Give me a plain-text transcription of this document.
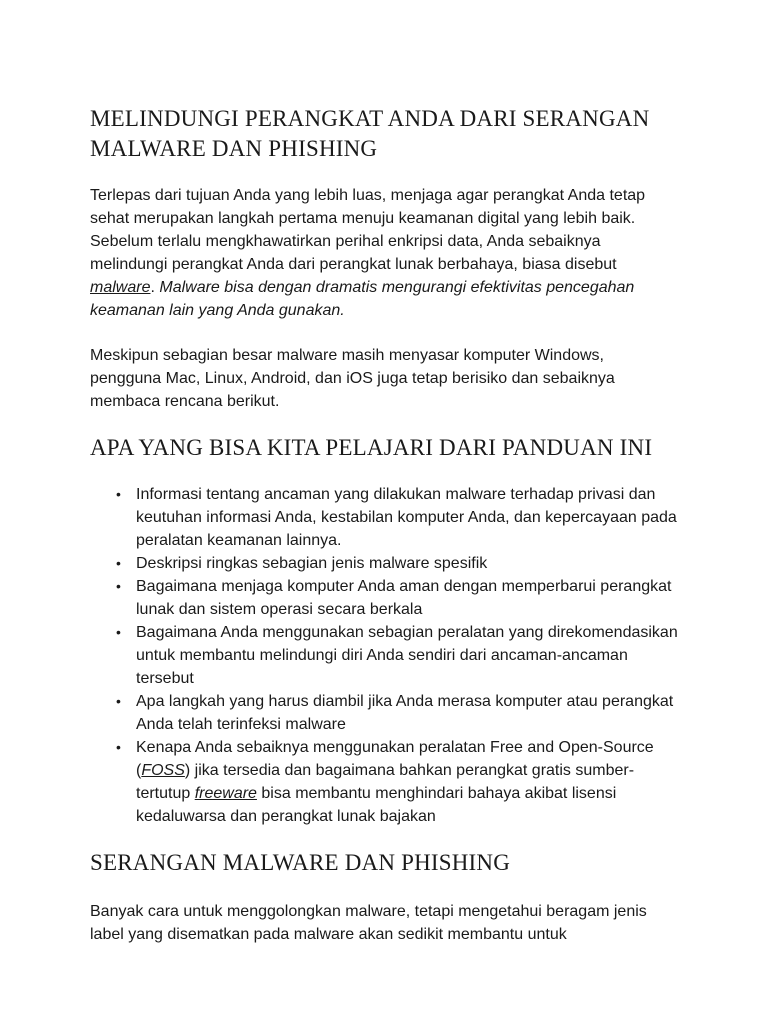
MELINDUNGI PERANGKAT ANDA DARI SERANGAN MALWARE DAN PHISHING

Terlepas dari tujuan Anda yang lebih luas, menjaga agar perangkat Anda tetap sehat merupakan langkah pertama menuju keamanan digital yang lebih baik. Sebelum terlalu mengkhawatirkan perihal enkripsi data, Anda sebaiknya melindungi perangkat Anda dari perangkat lunak berbahaya, biasa disebut malware. Malware bisa dengan dramatis mengurangi efektivitas pencegahan keamanan lain yang Anda gunakan.

Meskipun sebagian besar malware masih menyasar komputer Windows, pengguna Mac, Linux, Android, dan iOS juga tetap berisiko dan sebaiknya membaca rencana berikut.

APA YANG BISA KITA PELAJARI DARI PANDUAN INI
• Informasi tentang ancaman yang dilakukan malware terhadap privasi dan keutuhan informasi Anda, kestabilan komputer Anda, dan kepercayaan pada peralatan keamanan lainnya.
• Deskripsi ringkas sebagian jenis malware spesifik
• Bagaimana menjaga komputer Anda aman dengan memperbarui perangkat lunak dan sistem operasi secara berkala
• Bagaimana Anda menggunakan sebagian peralatan yang direkomendasikan untuk membantu melindungi diri Anda sendiri dari ancaman-ancaman tersebut
• Apa langkah yang harus diambil jika Anda merasa komputer atau perangkat Anda telah terinfeksi malware
• Kenapa Anda sebaiknya menggunakan peralatan Free and Open-Source (FOSS) jika tersedia dan bagaimana bahkan perangkat gratis sumber-tertutup freeware bisa membantu menghindari bahaya akibat lisensi kedaluwarsa dan perangkat lunak bajakan
SERANGAN MALWARE DAN PHISHING

Banyak cara untuk menggolongkan malware, tetapi mengetahui beragam jenis label yang disematkan pada malware akan sedikit membantu untuk
